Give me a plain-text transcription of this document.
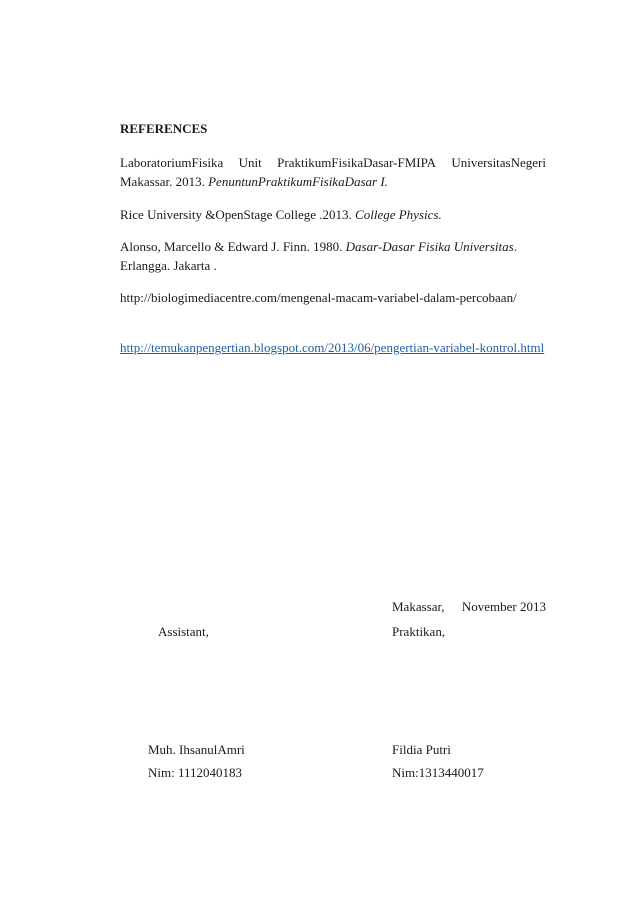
REFERENCES
LaboratoriumFisika Unit PraktikumFisikaDasar-FMIPA UniversitasNegeri
Makassar. 2013. PenuntunPraktikumFisikaDasar I.
Rice University &OpenStage College .2013. College Physics.
Alonso, Marcello & Edward J. Finn. 1980. Dasar-Dasar Fisika Universitas.
Erlangga. Jakarta .
http://biologimediacentre.com/mengenal-macam-variabel-dalam-percobaan/
http://temukanpengertian.blogspot.com/2013/06/pengertian-variabel-kontrol.html
Makassar, November 2013
Assistant,	Praktikan,
Muh. IhsanulAmri	Fildia Putri
Nim: 1112040183	Nim:1313440017
